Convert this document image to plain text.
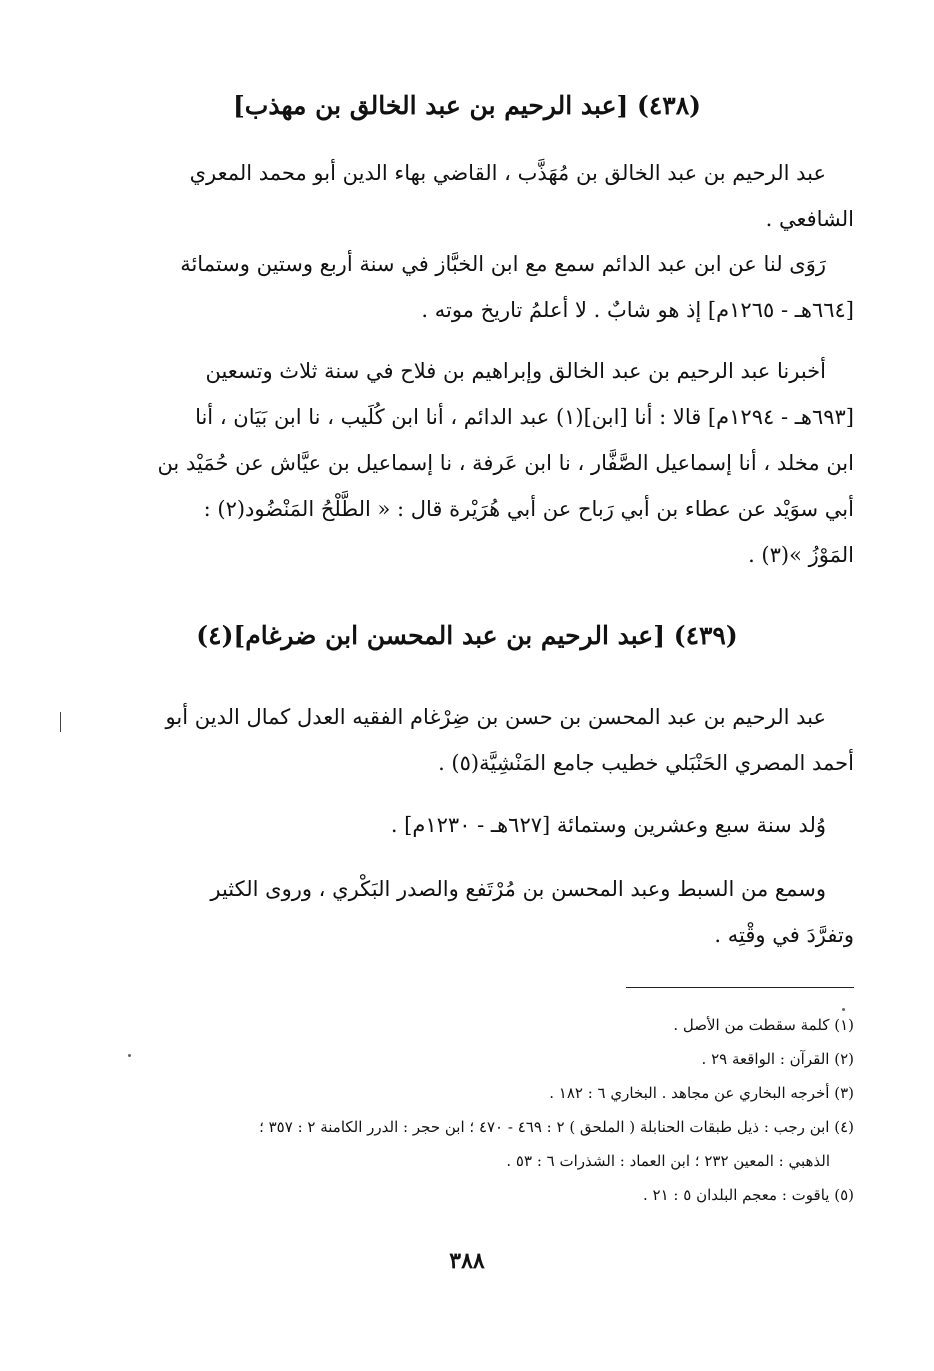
(٤٣٨) [عبد الرحيم بن عبد الخالق بن مهذب]
عبد الرحيم بن عبد الخالق بن مُهَذَّب ، القاضي بهاء الدين أبو محمد المعري
الشافعي .
رَوَى لنا عن ابن عبد الدائم سمع مع ابن الخبَّاز في سنة أربع وستين وستمائة
[٦٦٤هـ - ١٢٦٥م] إذ هو شابٌ . لا أعلمُ تاريخ موته .
أخبرنا عبد الرحيم بن عبد الخالق وإبراهيم بن فلاح في سنة ثلاث وتسعين
[٦٩٣هـ - ١٢٩٤م] قالا : أنا [ابن](١) عبد الدائم ، أنا ابن كُلَيب ، نا ابن بَيَان ، أنا
ابن مخلد ، أنا إسماعيل الصَّفَّار ، نا ابن عَرفة ، نا إسماعيل بن عيَّاش عن حُمَيْد بن
أبي سوَيْد عن عطاء بن أبي رَباح عن أبي هُرَيْرة قال : « الطَّلْحُ المَنْضُود(٢) :
المَوْزُ »(٣) .
(٤٣٩) [عبد الرحيم بن عبد المحسن ابن ضرغام](٤)
عبد الرحيم بن عبد المحسن بن حسن بن ضِرْغام الفقيه العدل كمال الدين أبو
أحمد المصري الحَنْبَلي خطيب جامع المَنْشِيَّة(٥) .
وُلد سنة سبع وعشرين وستمائة [٦٢٧هـ - ١٢٣٠م] .
وسمع من السبط وعبد المحسن بن مُرْتَفع والصدر البَكْري ، وروى الكثير
وتفرَّدَ في وقْتِه .
(١) كلمة سقطت من الأصل .
(٢) القرآن : الواقعة ٢٩ .
(٣) أخرجه البخاري عن مجاهد . البخاري ٦ : ١٨٢ .
(٤) ابن رجب : ذيل طبقات الحنابلة ( الملحق ) ٢ : ٤٦٩ - ٤٧٠ ؛ ابن حجر : الدرر الكامنة ٢ : ٣٥٧ ؛
الذهبي : المعين ٢٣٢ ؛ ابن العماد : الشذرات ٦ : ٥٣ .
(٥) ياقوت : معجم البلدان ٥ : ٢١ .
٣٨٨
